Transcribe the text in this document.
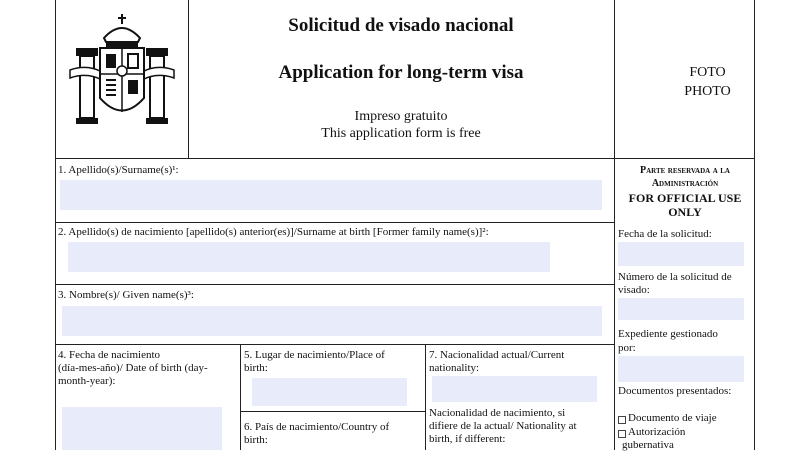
Solicitud de visado nacional
Application for long-term visa
Impreso gratuito
This application form is free
FOTO
PHOTO
1. Apellido(s)/Surname(s)¹:
2. Apellido(s) de nacimiento [apellido(s) anterior(es)]/Surname at birth [Former family name(s)]²:
3. Nombre(s)/ Given name(s)³:
4. Fecha de nacimiento
(día-mes-año)/ Date of birth (day-
month-year):
5. Lugar de nacimiento/Place of
birth:
6. País de nacimiento/Country of
birth:
7. Nacionalidad actual/Current
nationality:
Nacionalidad de nacimiento, si
difiere de la actual/ Nationality at
birth, if different:
Parte reservada a la
Administración
FOR OFFICIAL USE
ONLY
Fecha de la solicitud:
Número de la solicitud de
visado:
Expediente gestionado
por:
Documentos presentados:
Documento de viaje
Autorización
gubernativa
